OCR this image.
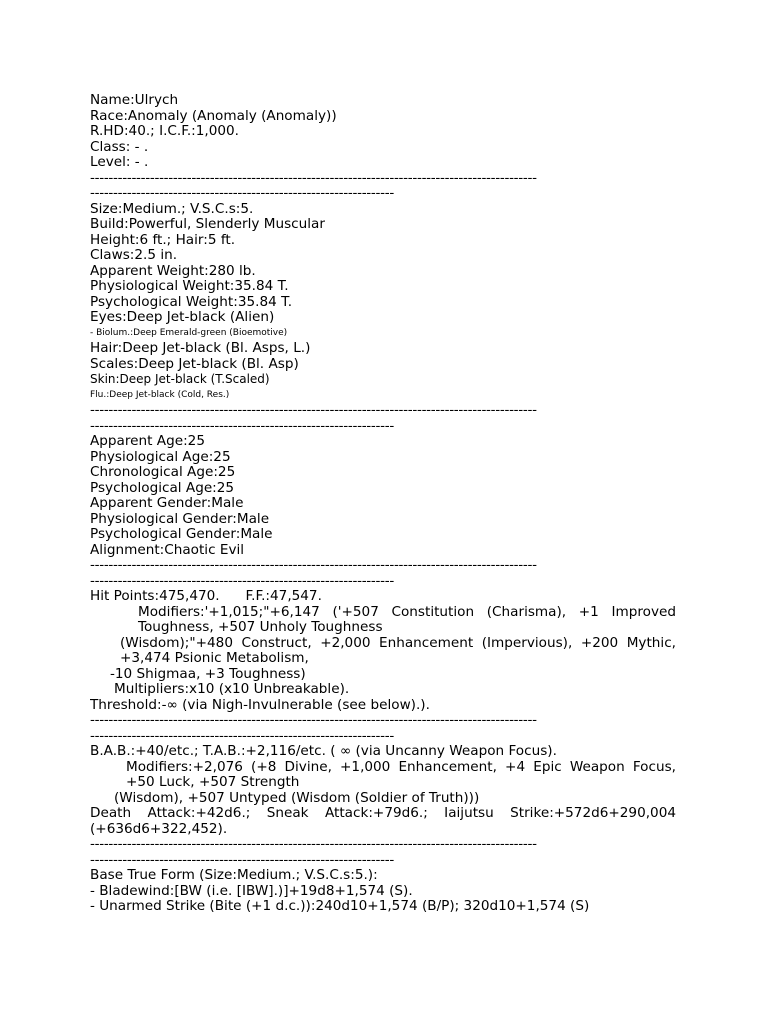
Name:Ulrych
Race:Anomaly (Anomaly (Anomaly))
R.HD:40.; I.C.F.:1,000.
Class: - .
Level: - .
-------------------------------------------------------------------------------------------------
------------------------------------------------------------------
Size:Medium.; V.S.C.s:5.
Build:Powerful, Slenderly Muscular
Height:6 ft.; Hair:5 ft.
Claws:2.5 in.
Apparent Weight:280 lb.
Physiological Weight:35.84 T.
Psychological Weight:35.84 T.
Eyes:Deep Jet-black (Alien)
- Biolum.:Deep Emerald-green (Bioemotive)
Hair:Deep Jet-black (Bl. Asps, L.)
Scales:Deep Jet-black (Bl. Asp)
Skin:Deep Jet-black (T.Scaled)
Flu.:Deep Jet-black (Cold, Res.)
-------------------------------------------------------------------------------------------------
------------------------------------------------------------------
Apparent Age:25
Physiological Age:25
Chronological Age:25
Psychological Age:25
Apparent Gender:Male
Physiological Gender:Male
Psychological Gender:Male
Alignment:Chaotic Evil
-------------------------------------------------------------------------------------------------
------------------------------------------------------------------
Hit Points:475,470.      F.F.:47,547.
Modifiers:'+1,015;"+6,147 ('+507 Constitution (Charisma), +1 Improved Toughness, +507 Unholy Toughness
(Wisdom);"+480 Construct, +2,000 Enhancement (Impervious), +200 Mythic, +3,474 Psionic Metabolism,
-10 Shigmaa, +3 Toughness)
Multipliers:x10 (x10 Unbreakable).
Threshold:-∞ (via Nigh-Invulnerable (see below).).
-------------------------------------------------------------------------------------------------
------------------------------------------------------------------
B.A.B.:+40/etc.; T.A.B.:+2,116/etc. ( ∞ (via Uncanny Weapon Focus).
Modifiers:+2,076 (+8 Divine, +1,000 Enhancement, +4 Epic Weapon Focus, +50 Luck, +507 Strength
(Wisdom), +507 Untyped (Wisdom (Soldier of Truth)))
Death Attack:+42d6.; Sneak Attack:+79d6.; Iaijutsu Strike:+572d6+290,004 (+636d6+322,452).
-------------------------------------------------------------------------------------------------
------------------------------------------------------------------
Base True Form (Size:Medium.; V.S.C.s:5.):
- Bladewind:[BW (i.e. [IBW].)]+19d8+1,574 (S).
- Unarmed Strike (Bite (+1 d.c.)):240d10+1,574 (B/P); 320d10+1,574 (S)
